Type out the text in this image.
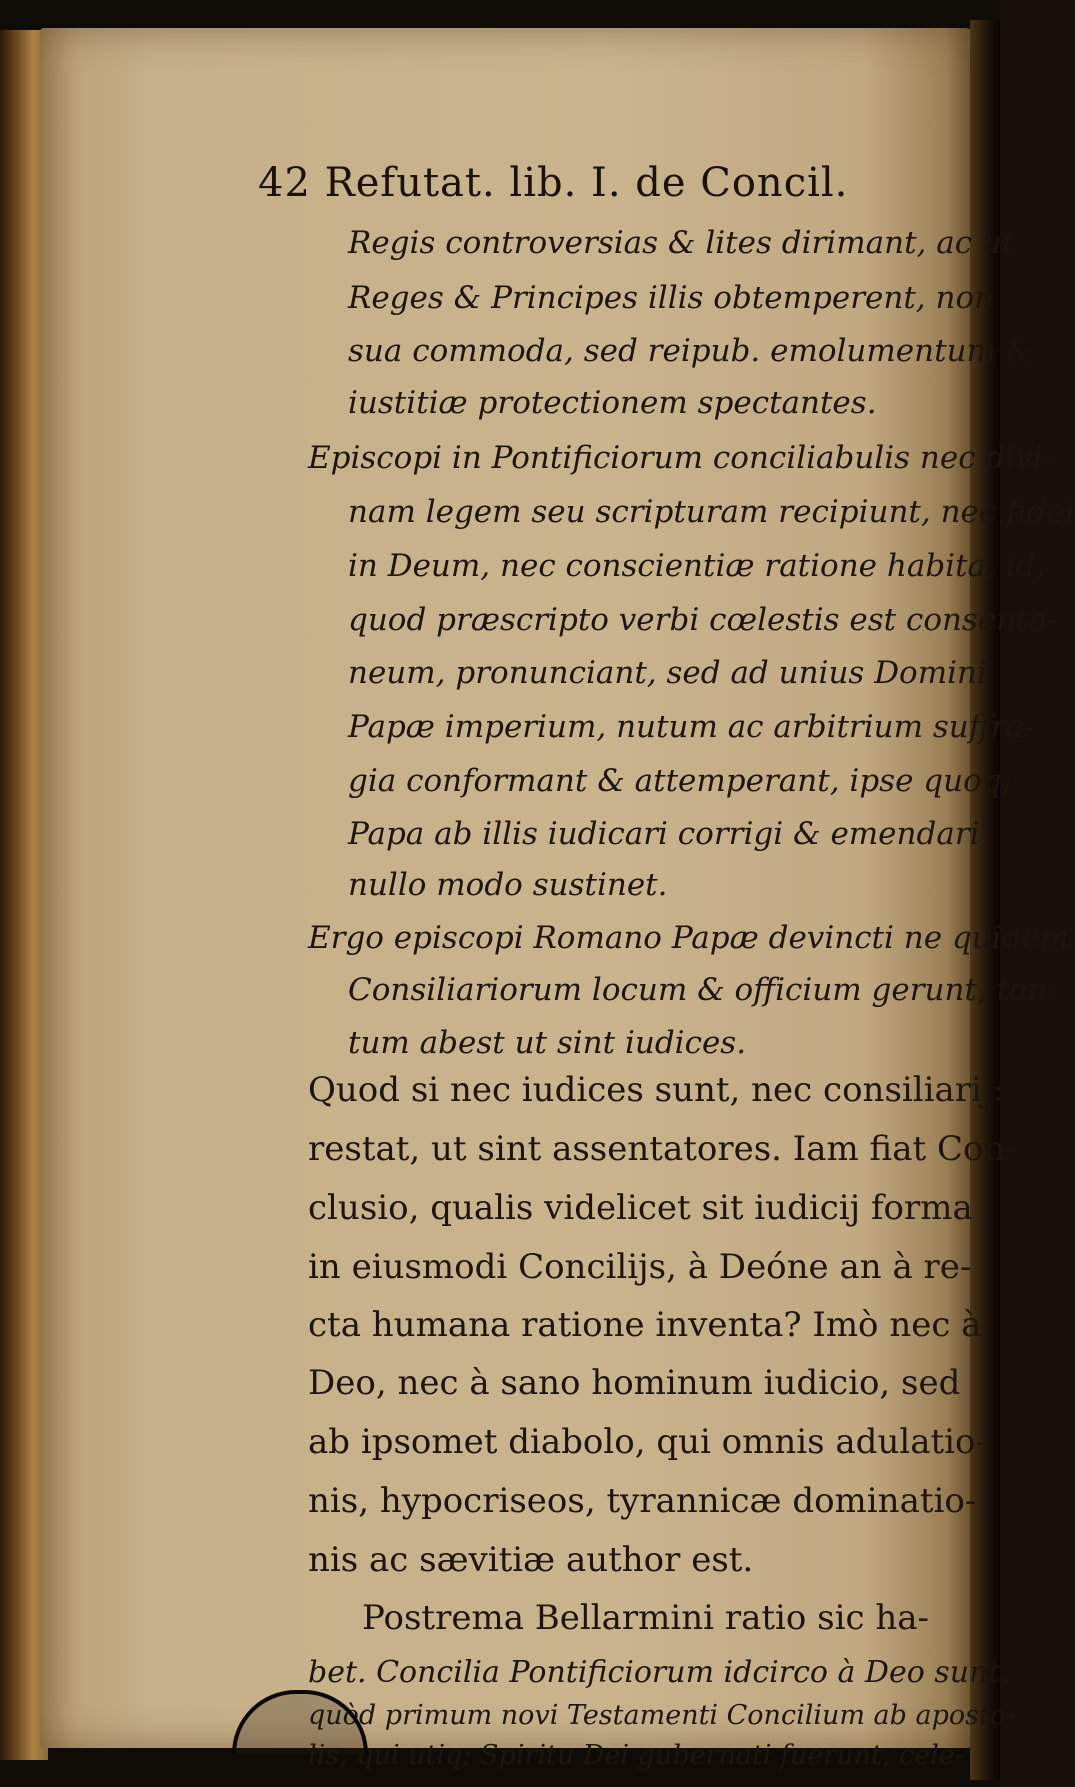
42 Refutat. lib. I. de Concil.
Regis controversias & lites dirimant, ac ut
Reges & Principes illis obtemperent, non
sua commoda, sed reipub. emolumentum &
iustitiæ protectionem spectantes.
Episcopi in Pontificiorum conciliabulis nec divi-
nam legem seu scripturam recipiunt, nec fidei
in Deum, nec conscientiæ ratione habita, id,
quod præscripto verbi cœlestis est consenta-
neum, pronunciant, sed ad unius Domini
Papæ imperium, nutum ac arbitrium suffra-
gia conformant & attemperant, ipse quoq;
Papa ab illis iudicari corrigi & emendari
nullo modo sustinet.
Ergo episcopi Romano Papæ devincti ne quidem
Consiliariorum locum & officium gerunt, tan-
tum abest ut sint iudices.
Quod si nec iudices sunt, nec consiliarij:
restat, ut sint assentatores. Iam fiat Con-
clusio, qualis videlicet sit iudicij forma
in eiusmodi Concilijs, à Deóne an à re-
cta humana ratione inventa? Imò nec à
Deo, nec à sano hominum iudicio, sed
ab ipsomet diabolo, qui omnis adulatio-
nis, hypocriseos, tyrannicæ dominatio-
nis ac sævitiæ author est.
Postrema Bellarmini ratio sic ha-
bet. Concilia Pontificiorum idcirco à Deo sunt,
quòd primum novi Testamenti Concilium ab aposto-
lis, qui utiq; Spiritu Dei gubernati fuerunt, cele-
